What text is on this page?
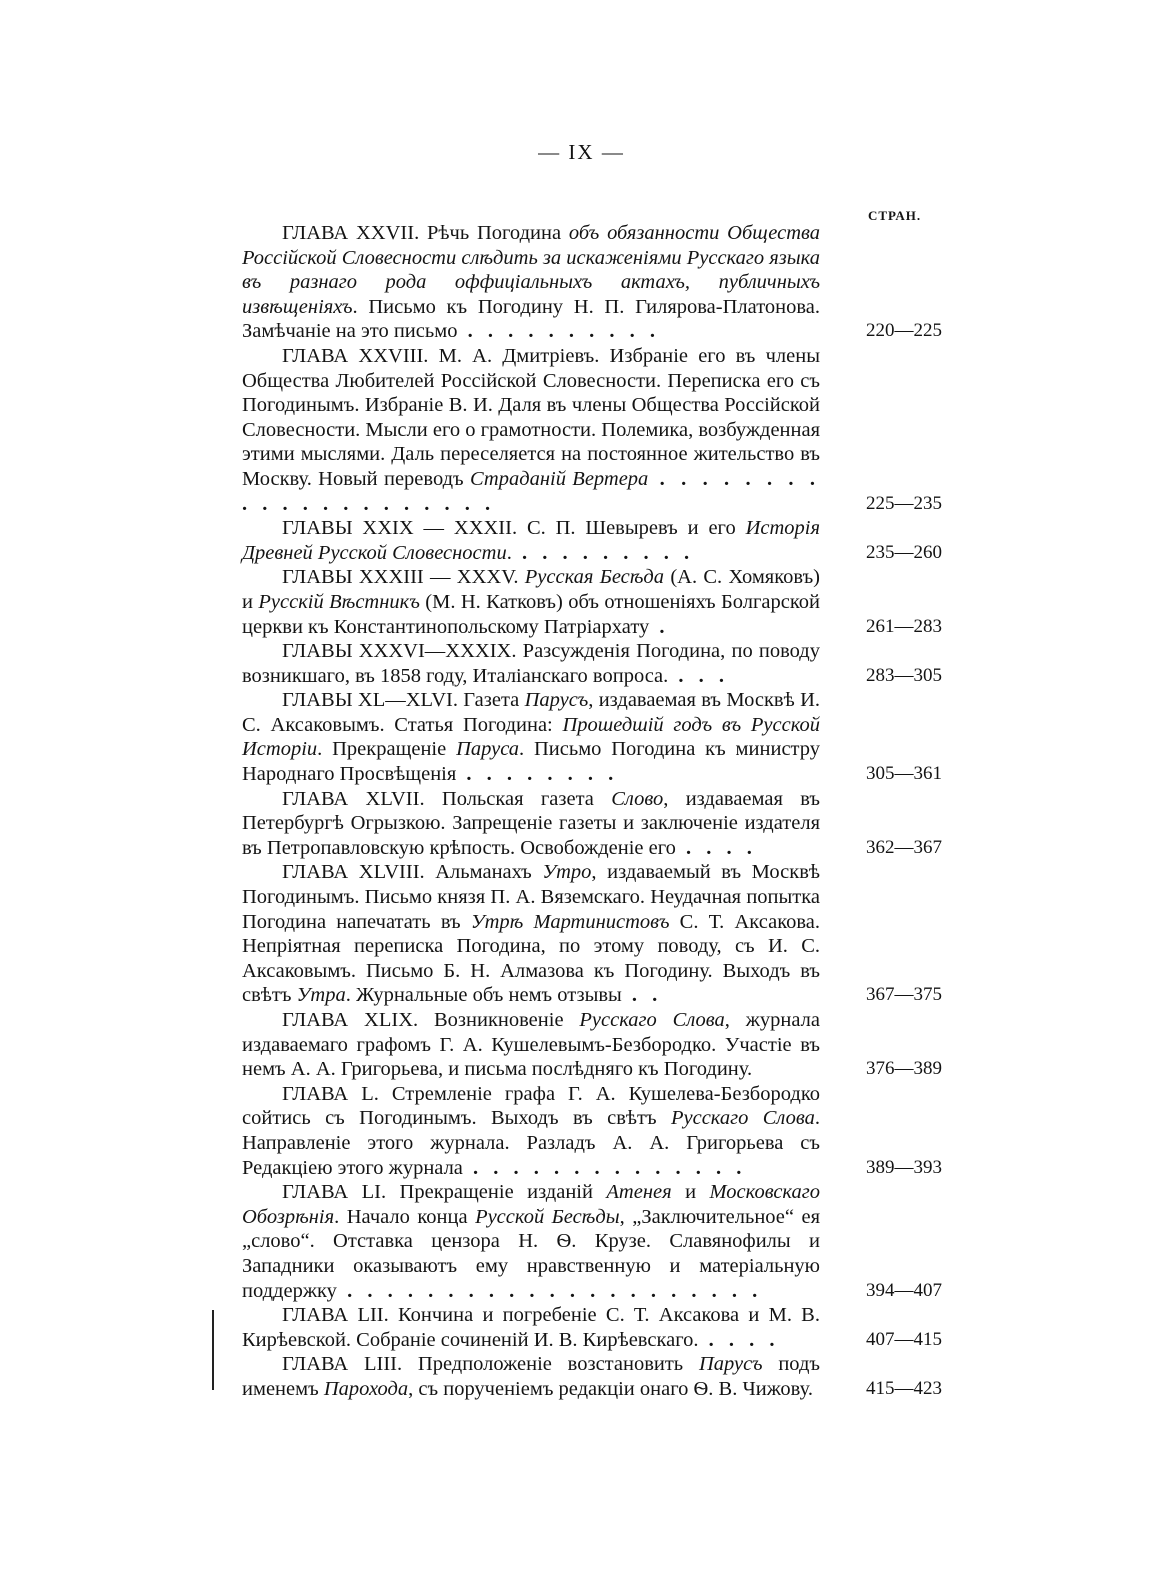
— IX —
СТРАН.

ГЛАВА XXVII. Рѣчь Погодина объ обязанности Общества Россійской Словесности слѣдить за искаженіями Русскаго языка въ разнаго рода оффиціальныхъ актахъ, публичныхъ извѣщеніяхъ. Письмо къ Погодину Н. П. Гилярова-Платонова. Замѣчаніе на это письмо . . . . . . . . . .	220—225

ГЛАВА XXVIII. М. А. Дмитріевъ. Избраніе его въ члены Общества Любителей Россійской Словесности. Переписка его съ Погодинымъ. Избраніе В. И. Даля въ члены Общества Россійской Словесности. Мысли его о грамотности. Полемика, возбужденная этими мыслями. Даль переселяется на постоянное жительство въ Москву. Новый переводъ Страданій Вертера . . . . . . . . . . . . . . . . . . . . .	225—235

ГЛАВЫ XXIX — XXXII. С. П. Шевыревъ и его Исторія Древней Русской Словесности. . . . . . . . . .	235—260

ГЛАВЫ XXXIII — XXXV. Русская Бесѣда (А. С. Хомяковъ) и Русскій Вѣстникъ (М. Н. Катковъ) объ отношеніяхъ Болгарской церкви къ Константинопольскому Патріархату .	261—283

ГЛАВЫ XXXVI—XXXIX. Разсужденія Погодина, по поводу возникшаго, въ 1858 году, Италіанскаго вопроса. . . .	283—305

ГЛАВЫ XL—XLVI. Газета Парусъ, издаваемая въ Москвѣ И. С. Аксаковымъ. Статья Погодина: Прошедшій годъ въ Русской Исторіи. Прекращеніе Паруса. Письмо Погодина къ министру Народнаго Просвѣщенія . . . . . . . .	305—361

ГЛАВА XLVII. Польская газета Слово, издаваемая въ Петербургѣ Огрызкою. Запрещеніе газеты и заключеніе издателя въ Петропавловскую крѣпость. Освобожденіе его . . . .	362—367

ГЛАВА XLVIII. Альманахъ Утро, издаваемый въ Москвѣ Погодинымъ. Письмо князя П. А. Вяземскаго. Неудачная попытка Погодина напечатать въ Утрѣ Мартинистовъ С. Т. Аксакова. Непріятная переписка Погодина, по этому поводу, съ И. С. Аксаковымъ. Письмо Б. Н. Алмазова къ Погодину. Выходъ въ свѣтъ Утра. Журнальные объ немъ отзывы . .	367—375

ГЛАВА XLIX. Возникновеніе Русскаго Слова, журнала издаваемаго графомъ Г. А. Кушелевымъ-Безбородко. Участіе въ немъ А. А. Григорьева, и письма послѣдняго къ Погодину.	376—389

ГЛАВА L. Стремленіе графа Г. А. Кушелева-Безбородко сойтись съ Погодинымъ. Выходъ въ свѣтъ Русскаго Слова. Направленіе этого журнала. Разладъ А. А. Григорьева съ Редакціею этого журнала . . . . . . . . . . . . . .	389—393

ГЛАВА LI. Прекращеніе изданій Атенея и Московскаго Обозрѣнія. Начало конца Русской Бесѣды, „Заключительное“ ея „слово“. Отставка цензора Н. Ѳ. Крузе. Славянофилы и Западники оказываютъ ему нравственную и матеріальную поддержку . . . . . . . . . . . . . . . . . . . . .	394—407

ГЛАВА LII. Кончина и погребеніе С. Т. Аксакова и М. В. Кирѣевской. Собраніе сочиненій И. В. Кирѣевскаго. . . . .	407—415

ГЛАВА LIII. Предположеніе возстановить Парусъ подъ именемъ Парохода, съ порученіемъ редакціи онаго Ѳ. В. Чижову.	415—423
